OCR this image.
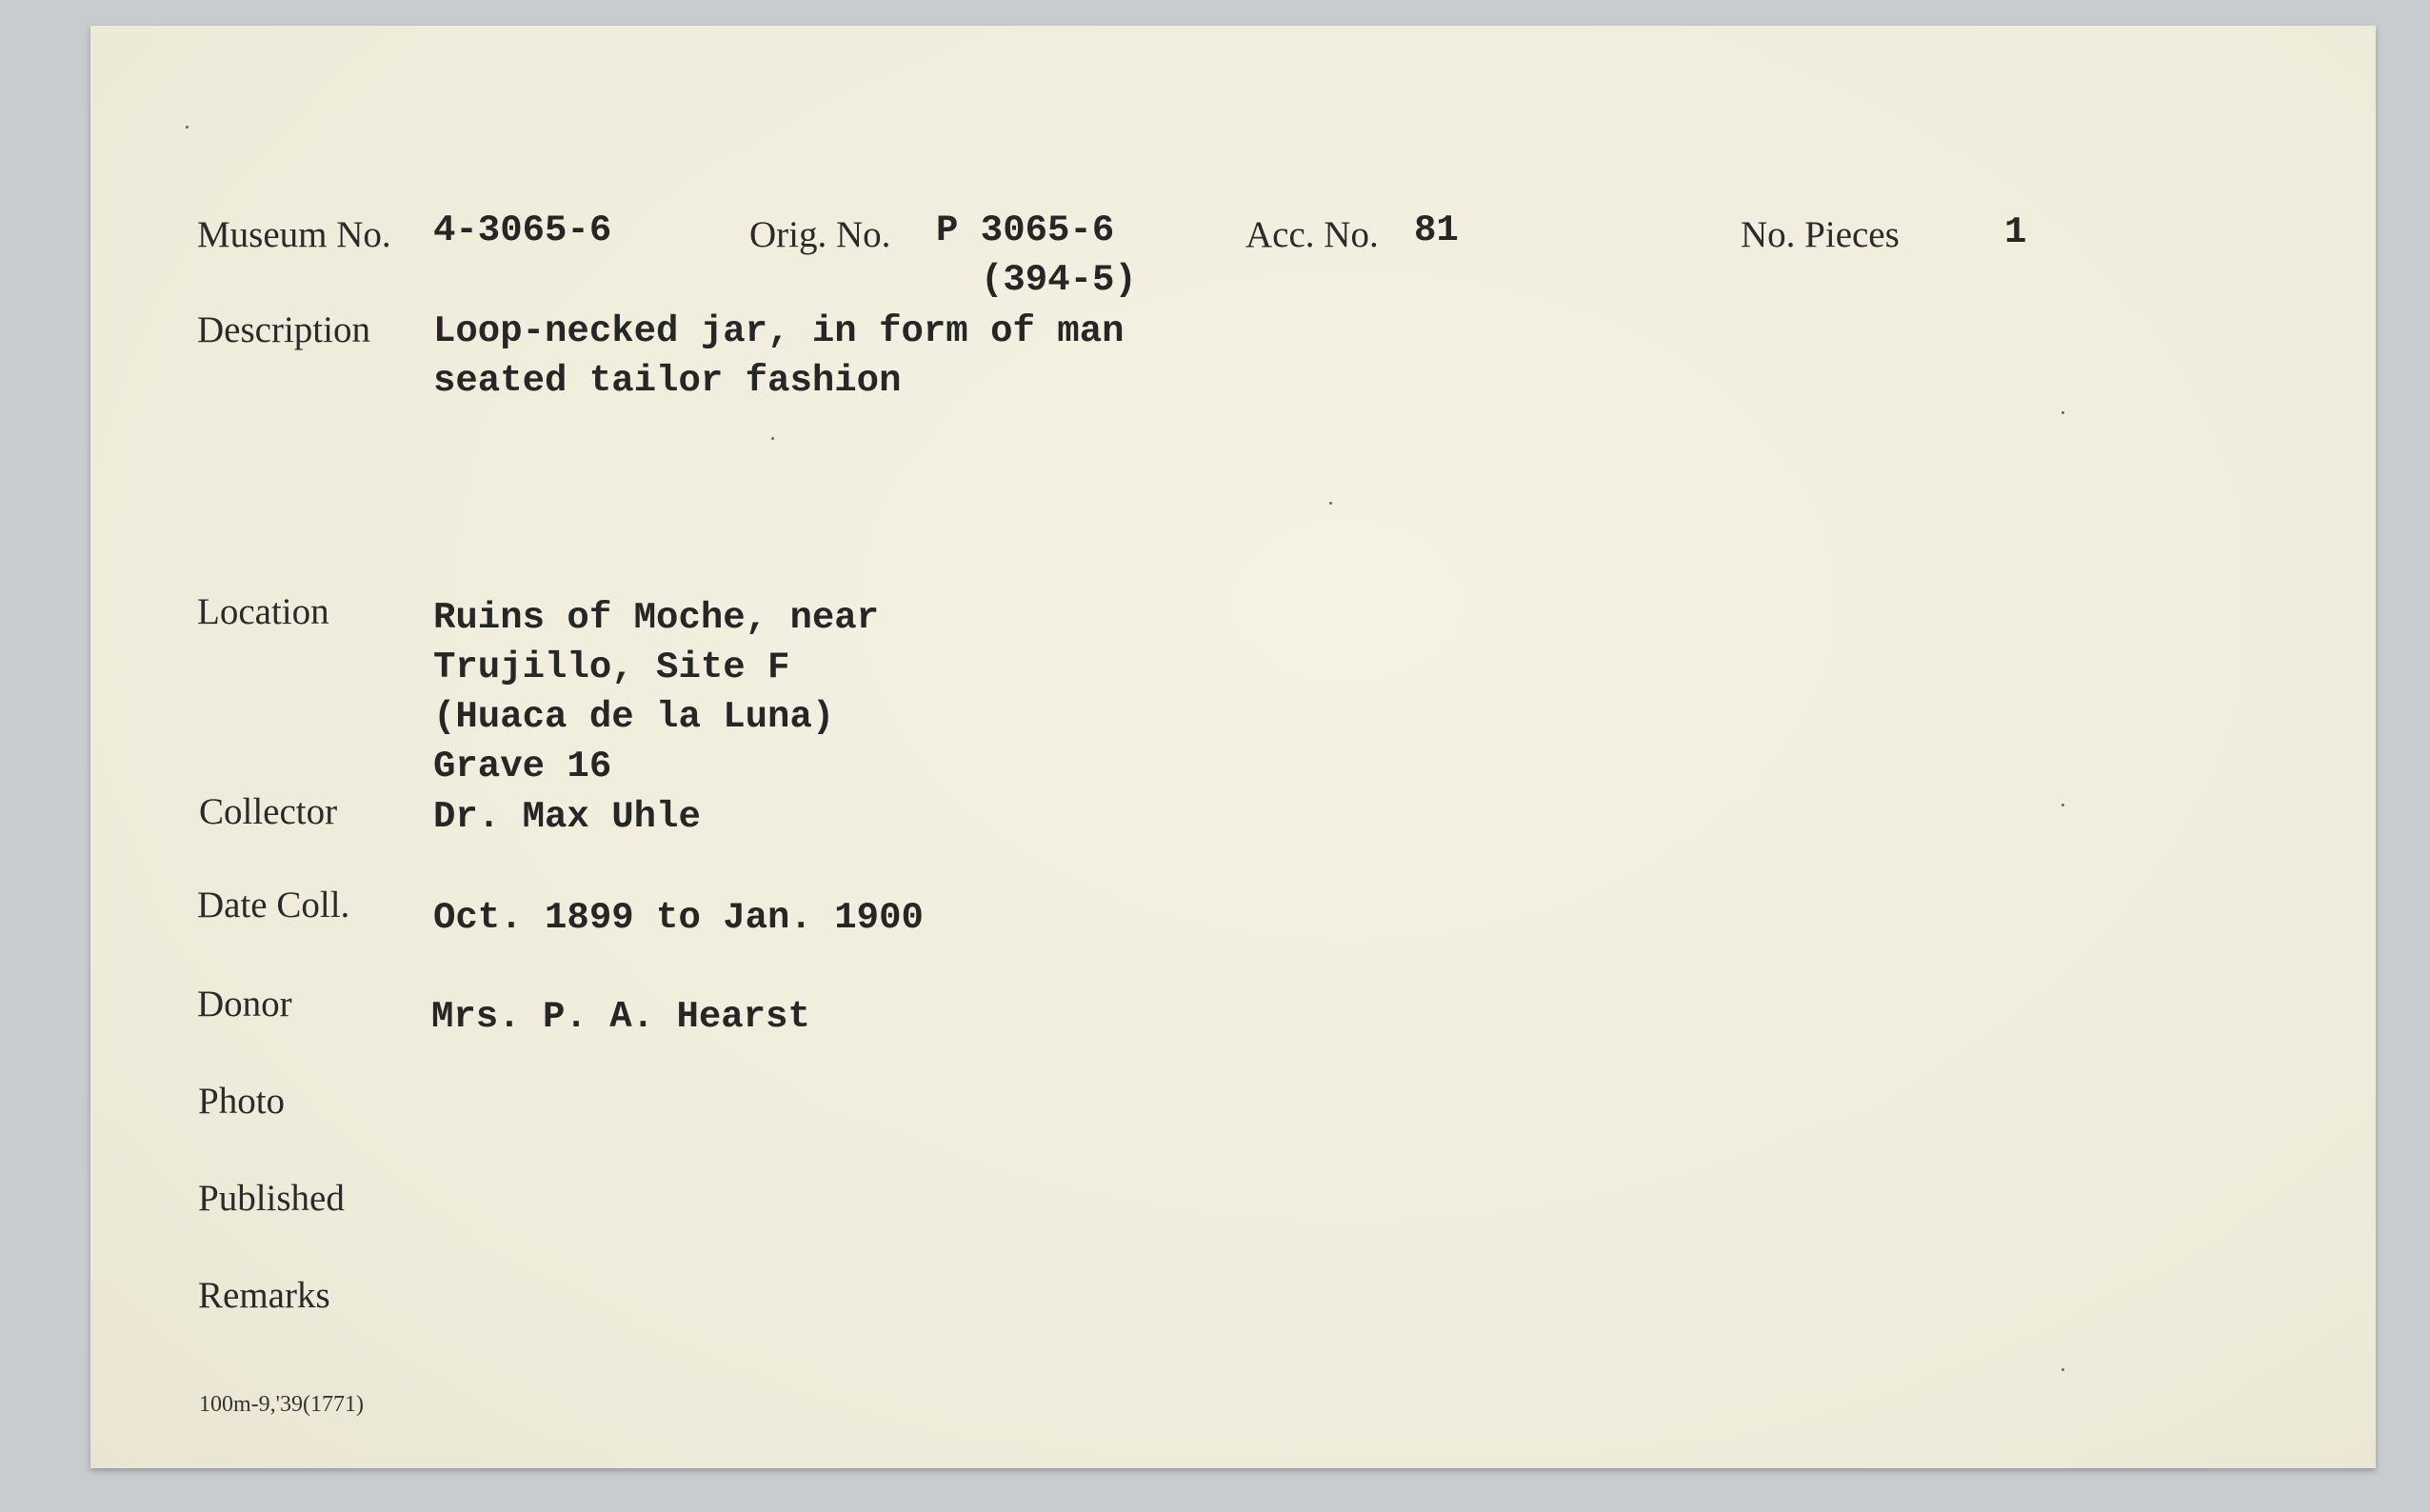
Museum No. 4-3065-6	Orig. No. P 3065-6
(394-5)
Acc. No. 81	No. Pieces	1
Description Loop-necked jar, in form of man
seated tailor fashion
Location	Ruins of Moche, near
Trujillo, Site F
(Huaca de la Luna)
Grave 16
Collector	Dr. Max Uhle
Date Coll. Oct. 1899 to Jan. 1900
Donor	Mrs. P. A. Hearst
Photo
Published
Remarks
100m-9,'39(1771)
